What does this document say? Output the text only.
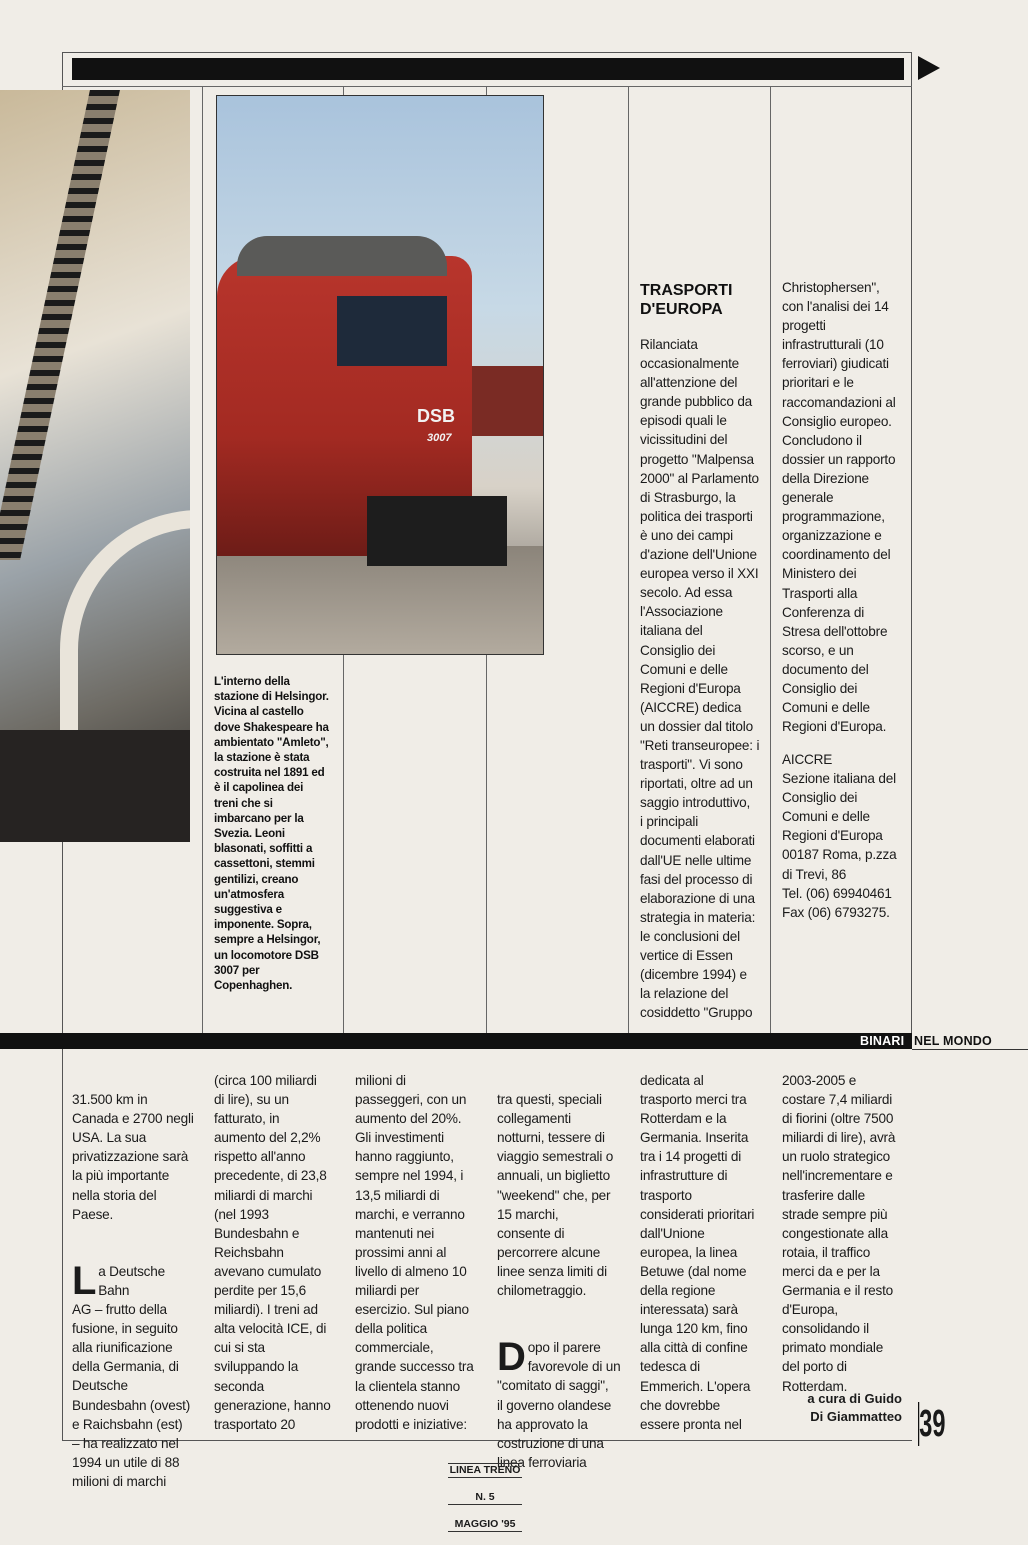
DSB
3007
L'interno della
stazione di Helsingor.
Vicina al castello
dove Shakespeare ha
ambientato "Amleto",
la stazione è stata
costruita nel 1891 ed
è il capolinea dei
treni che si
imbarcano per la
Svezia. Leoni
blasonati, soffitti a
cassettoni, stemmi
gentilizi, creano
un'atmosfera
suggestiva e
imponente. Sopra,
sempre a Helsingor,
un locomotore DSB
3007 per
Copenhaghen.
TRASPORTI
D'EUROPA
Rilanciata
occasionalmente
all'attenzione del
grande pubblico da
episodi quali le
vicissitudini del
progetto "Malpensa
2000" al Parlamento
di Strasburgo, la
politica dei trasporti
è uno dei campi
d'azione dell'Unione
europea verso il XXI
secolo. Ad essa
l'Associazione
italiana del
Consiglio dei
Comuni e delle
Regioni d'Europa
(AICCRE) dedica
un dossier dal titolo
"Reti transeuropee: i
trasporti". Vi sono
riportati, oltre ad un
saggio introduttivo,
i principali
documenti elaborati
dall'UE nelle ultime
fasi del processo di
elaborazione di una
strategia in materia:
le conclusioni del
vertice di Essen
(dicembre 1994) e
la relazione del
cosiddetto "Gruppo
Christophersen",
con l'analisi dei 14
progetti
infrastrutturali (10
ferroviari) giudicati
prioritari e le
raccomandazioni al
Consiglio europeo.
Concludono il
dossier un rapporto
della Direzione
generale
programmazione,
organizzazione e
coordinamento del
Ministero dei
Trasporti alla
Conferenza di
Stresa dell'ottobre
scorso, e un
documento del
Consiglio dei
Comuni e delle
Regioni d'Europa.
AICCRE
Sezione italiana del
Consiglio dei
Comuni e delle
Regioni d'Europa
00187 Roma, p.zza
di Trevi, 86
Tel. (06) 69940461
Fax (06) 6793275.
BINARI NEL MONDO

31.500 km in
Canada e 2700 negli
USA. La sua
privatizzazione sarà
la più importante
nella storia del
Paese.

La Deutsche Bahn
AG – frutto della
fusione, in seguito
alla riunificazione
della Germania, di
Deutsche
Bundesbahn (ovest)
e Raichsbahn (est)
– ha realizzato nel
1994 un utile di 88
milioni di marchi

(circa 100 miliardi
di lire), su un
fatturato, in
aumento del 2,2%
rispetto all'anno
precedente, di 23,8
miliardi di marchi
(nel 1993
Bundesbahn e
Reichsbahn
avevano cumulato
perdite per 15,6
miliardi). I treni ad
alta velocità ICE, di
cui si sta
sviluppando la
seconda
generazione, hanno
trasportato 20
milioni di
passeggeri, con un
aumento del 20%.
Gli investimenti
hanno raggiunto,
sempre nel 1994, i
13,5 miliardi di
marchi, e verranno
mantenuti nei
prossimi anni al
livello di almeno 10
miliardi per
esercizio. Sul piano
della politica
commerciale,
grande successo tra
la clientela stanno
ottenendo nuovi
prodotti e iniziative:

tra questi, speciali
collegamenti
notturni, tessere di
viaggio semestrali o
annuali, un biglietto
"weekend" che, per
15 marchi,
consente di
percorrere alcune
linee senza limiti di
chilometraggio.

Dopo il parere
favorevole di un
"comitato di saggi",
il governo olandese
ha approvato la
costruzione di una
linea ferroviaria

dedicata al
trasporto merci tra
Rotterdam e la
Germania. Inserita
tra i 14 progetti di
infrastrutture di
trasporto
considerati prioritari
dall'Unione
europea, la linea
Betuwe (dal nome
della regione
interessata) sarà
lunga 120 km, fino
alla città di confine
tedesca di
Emmerich. L'opera
che dovrebbe
essere pronta nel
2003-2005 e
costare 7,4 miliardi
di fiorini (oltre 7500
miliardi di lire), avrà
un ruolo strategico
nell'incrementare e
trasferire dalle
strade sempre più
congestionate alla
rotaia, il traffico
merci da e per la
Germania e il resto
d'Europa,
consolidando il
primato mondiale
del porto di
Rotterdam.
a cura di Guido
Di Giammatteo 39

LINEA TRENO

N. 5

MAGGIO '95
